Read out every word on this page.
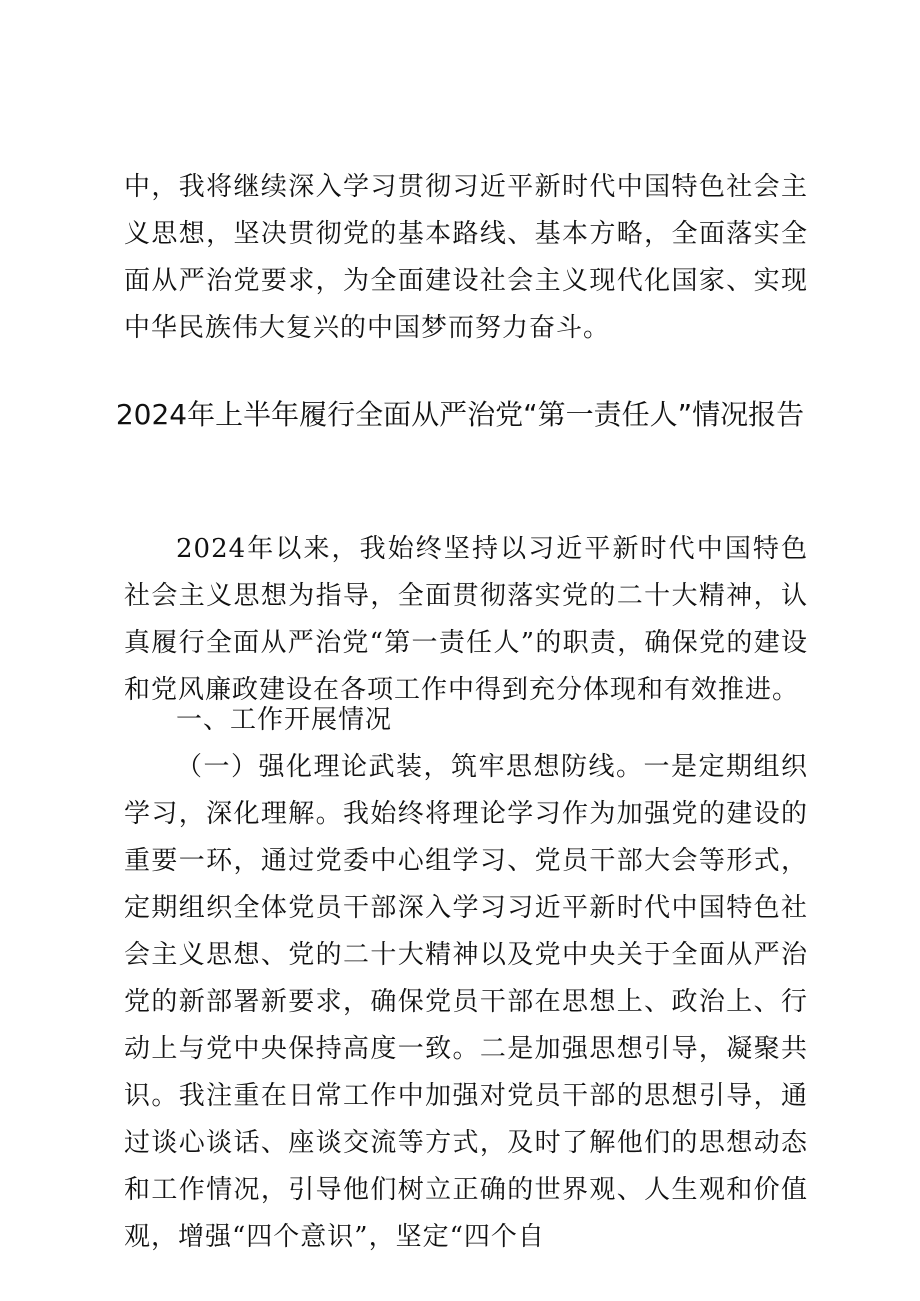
中，我将继续深入学习贯彻习近平新时代中国特色社会主义思想，坚决贯彻党的基本路线、基本方略，全面落实全面从严治党要求，为全面建设社会主义现代化国家、实现中华民族伟大复兴的中国梦而努力奋斗。

2024年上半年履行全面从严治党“第一责任人”情况报告

2024年以来，我始终坚持以习近平新时代中国特色社会主义思想为指导，全面贯彻落实党的二十大精神，认真履行全面从严治党“第一责任人”的职责，确保党的建设和党风廉政建设在各项工作中得到充分体现和有效推进。

一、工作开展情况

（一）强化理论武装，筑牢思想防线。一是定期组织学习，深化理解。我始终将理论学习作为加强党的建设的重要一环，通过党委中心组学习、党员干部大会等形式，定期组织全体党员干部深入学习习近平新时代中国特色社会主义思想、党的二十大精神以及党中央关于全面从严治党的新部署新要求，确保党员干部在思想上、政治上、行动上与党中央保持高度一致。二是加强思想引导，凝聚共识。我注重在日常工作中加强对党员干部的思想引导，通过谈心谈话、座谈交流等方式，及时了解他们的思想动态和工作情况，引导他们树立正确的世界观、人生观和价值观，增强“四个意识”，坚定“四个自
